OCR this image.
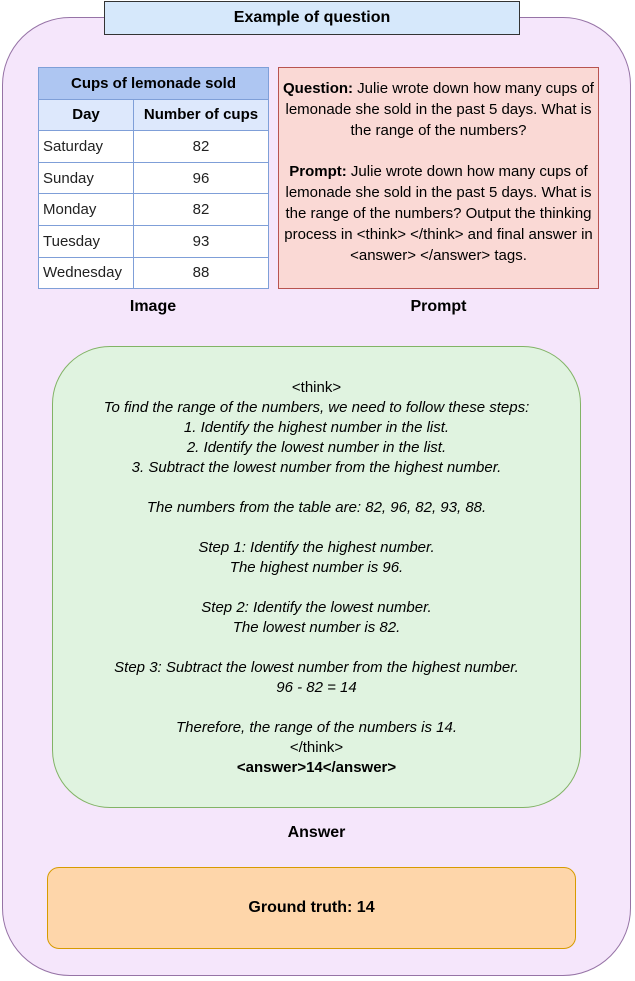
Example of question
Cups of lemonade sold	
Day	Number of cups
Saturday	82
Sunday	96
Monday	82
Tuesday	93
Wednesday	88

Question: Julie wrote down how many cups of lemonade she sold in the past 5 days. What is the range of the numbers?

Prompt: Julie wrote down how many cups of lemonade she sold in the past 5 days. What is the range of the numbers? Output the thinking process in <think> </think> and final answer in <answer> </answer> tags.

Image	Prompt
<think>
To find the range of the numbers, we need to follow these steps:
1. Identify the highest number in the list.
2. Identify the lowest number in the list.
3. Subtract the lowest number from the highest number.
The numbers from the table are: 82, 96, 82, 93, 88.
Step 1: Identify the highest number.
The highest number is 96.
Step 2: Identify the lowest number.
The lowest number is 82.
Step 3: Subtract the lowest number from the highest number.
96 - 82 = 14
Therefore, the range of the numbers is 14.
</think>
<answer>14</answer>
Answer
Ground truth: 14
